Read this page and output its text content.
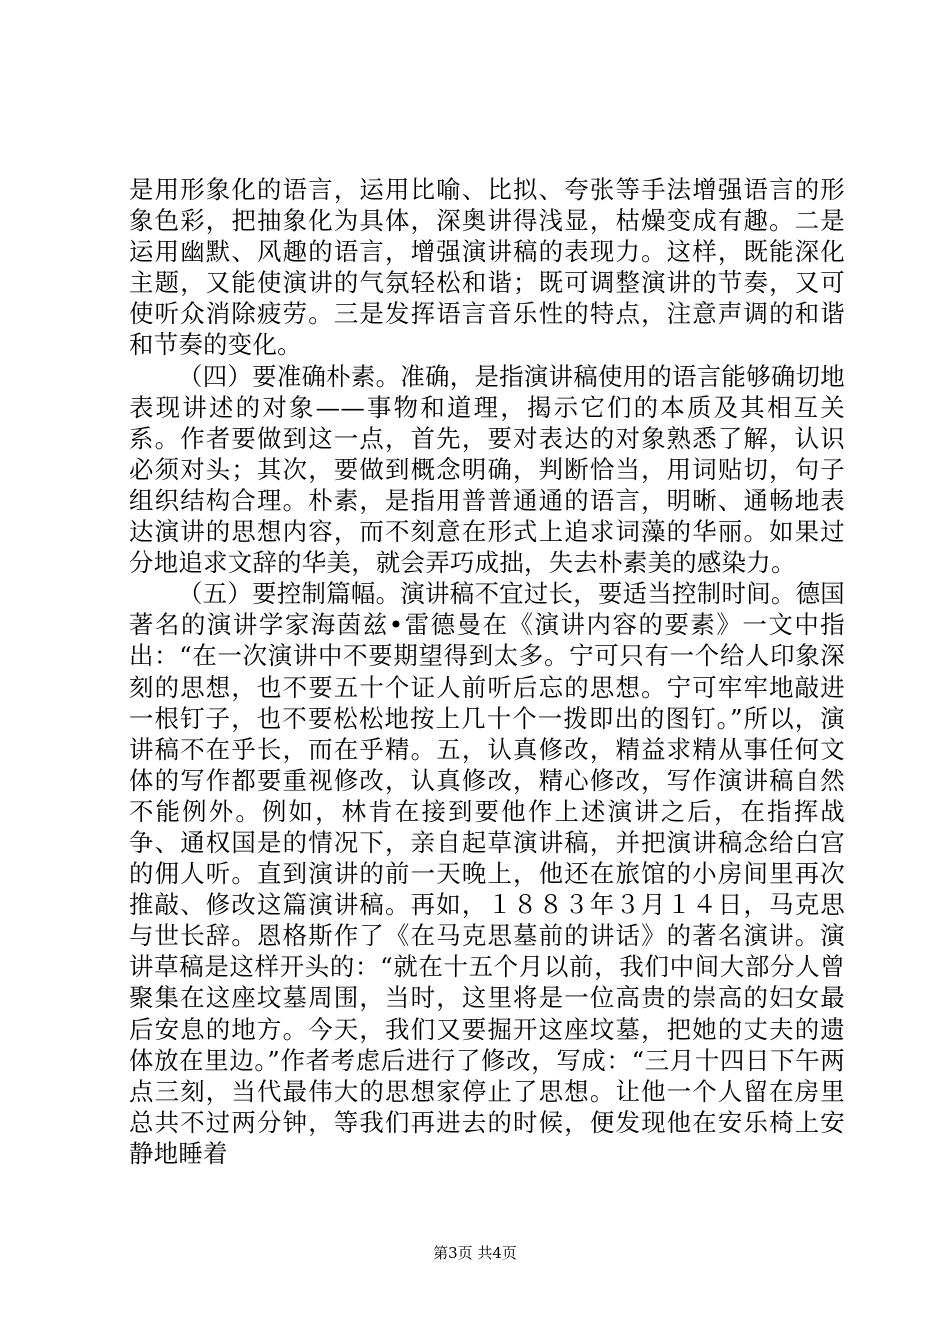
是用形象化的语言，运用比喻、比拟、夸张等手法增强语言的形象色彩，把抽象化为具体，深奥讲得浅显，枯燥变成有趣。二是运用幽默、风趣的语言，增强演讲稿的表现力。这样，既能深化主题，又能使演讲的气氛轻松和谐；既可调整演讲的节奏，又可使听众消除疲劳。三是发挥语言音乐性的特点，注意声调的和谐和节奏的变化。

（四）要准确朴素。准确，是指演讲稿使用的语言能够确切地表现讲述的对象——事物和道理，揭示它们的本质及其相互关系。作者要做到这一点，首先，要对表达的对象熟悉了解，认识必须对头；其次，要做到概念明确，判断恰当，用词贴切，句子组织结构合理。朴素，是指用普普通通的语言，明晰、通畅地表达演讲的思想内容，而不刻意在形式上追求词藻的华丽。如果过分地追求文辞的华美，就会弄巧成拙，失去朴素美的感染力。

（五）要控制篇幅。演讲稿不宜过长，要适当控制时间。德国著名的演讲学家海茵兹•雷德曼在《演讲内容的要素》一文中指出：“在一次演讲中不要期望得到太多。宁可只有一个给人印象深刻的思想，也不要五十个证人前听后忘的思想。宁可牢牢地敲进一根钉子，也不要松松地按上几十个一拨即出的图钉。”所以，演讲稿不在乎长，而在乎精。五，认真修改，精益求精从事任何文体的写作都要重视修改，认真修改，精心修改，写作演讲稿自然不能例外。例如，林肯在接到要他作上述演讲之后，在指挥战争、通权国是的情况下，亲自起草演讲稿，并把演讲稿念给白宫的佣人听。直到演讲的前一天晚上，他还在旅馆的小房间里再次推敲、修改这篇演讲稿。再如，１８８３年３月１４日，马克思与世长辞。恩格斯作了《在马克思墓前的讲话》的著名演讲。演讲草稿是这样开头的：“就在十五个月以前，我们中间大部分人曾聚集在这座坟墓周围，当时，这里将是一位高贵的崇高的妇女最后安息的地方。今天，我们又要掘开这座坟墓，把她的丈夫的遗体放在里边。”作者考虑后进行了修改，写成：“三月十四日下午两点三刻，当代最伟大的思想家停止了思想。让他一个人留在房里总共不过两分钟，等我们再进去的时候，便发现他在安乐椅上安静地睡着

第3页 共4页
